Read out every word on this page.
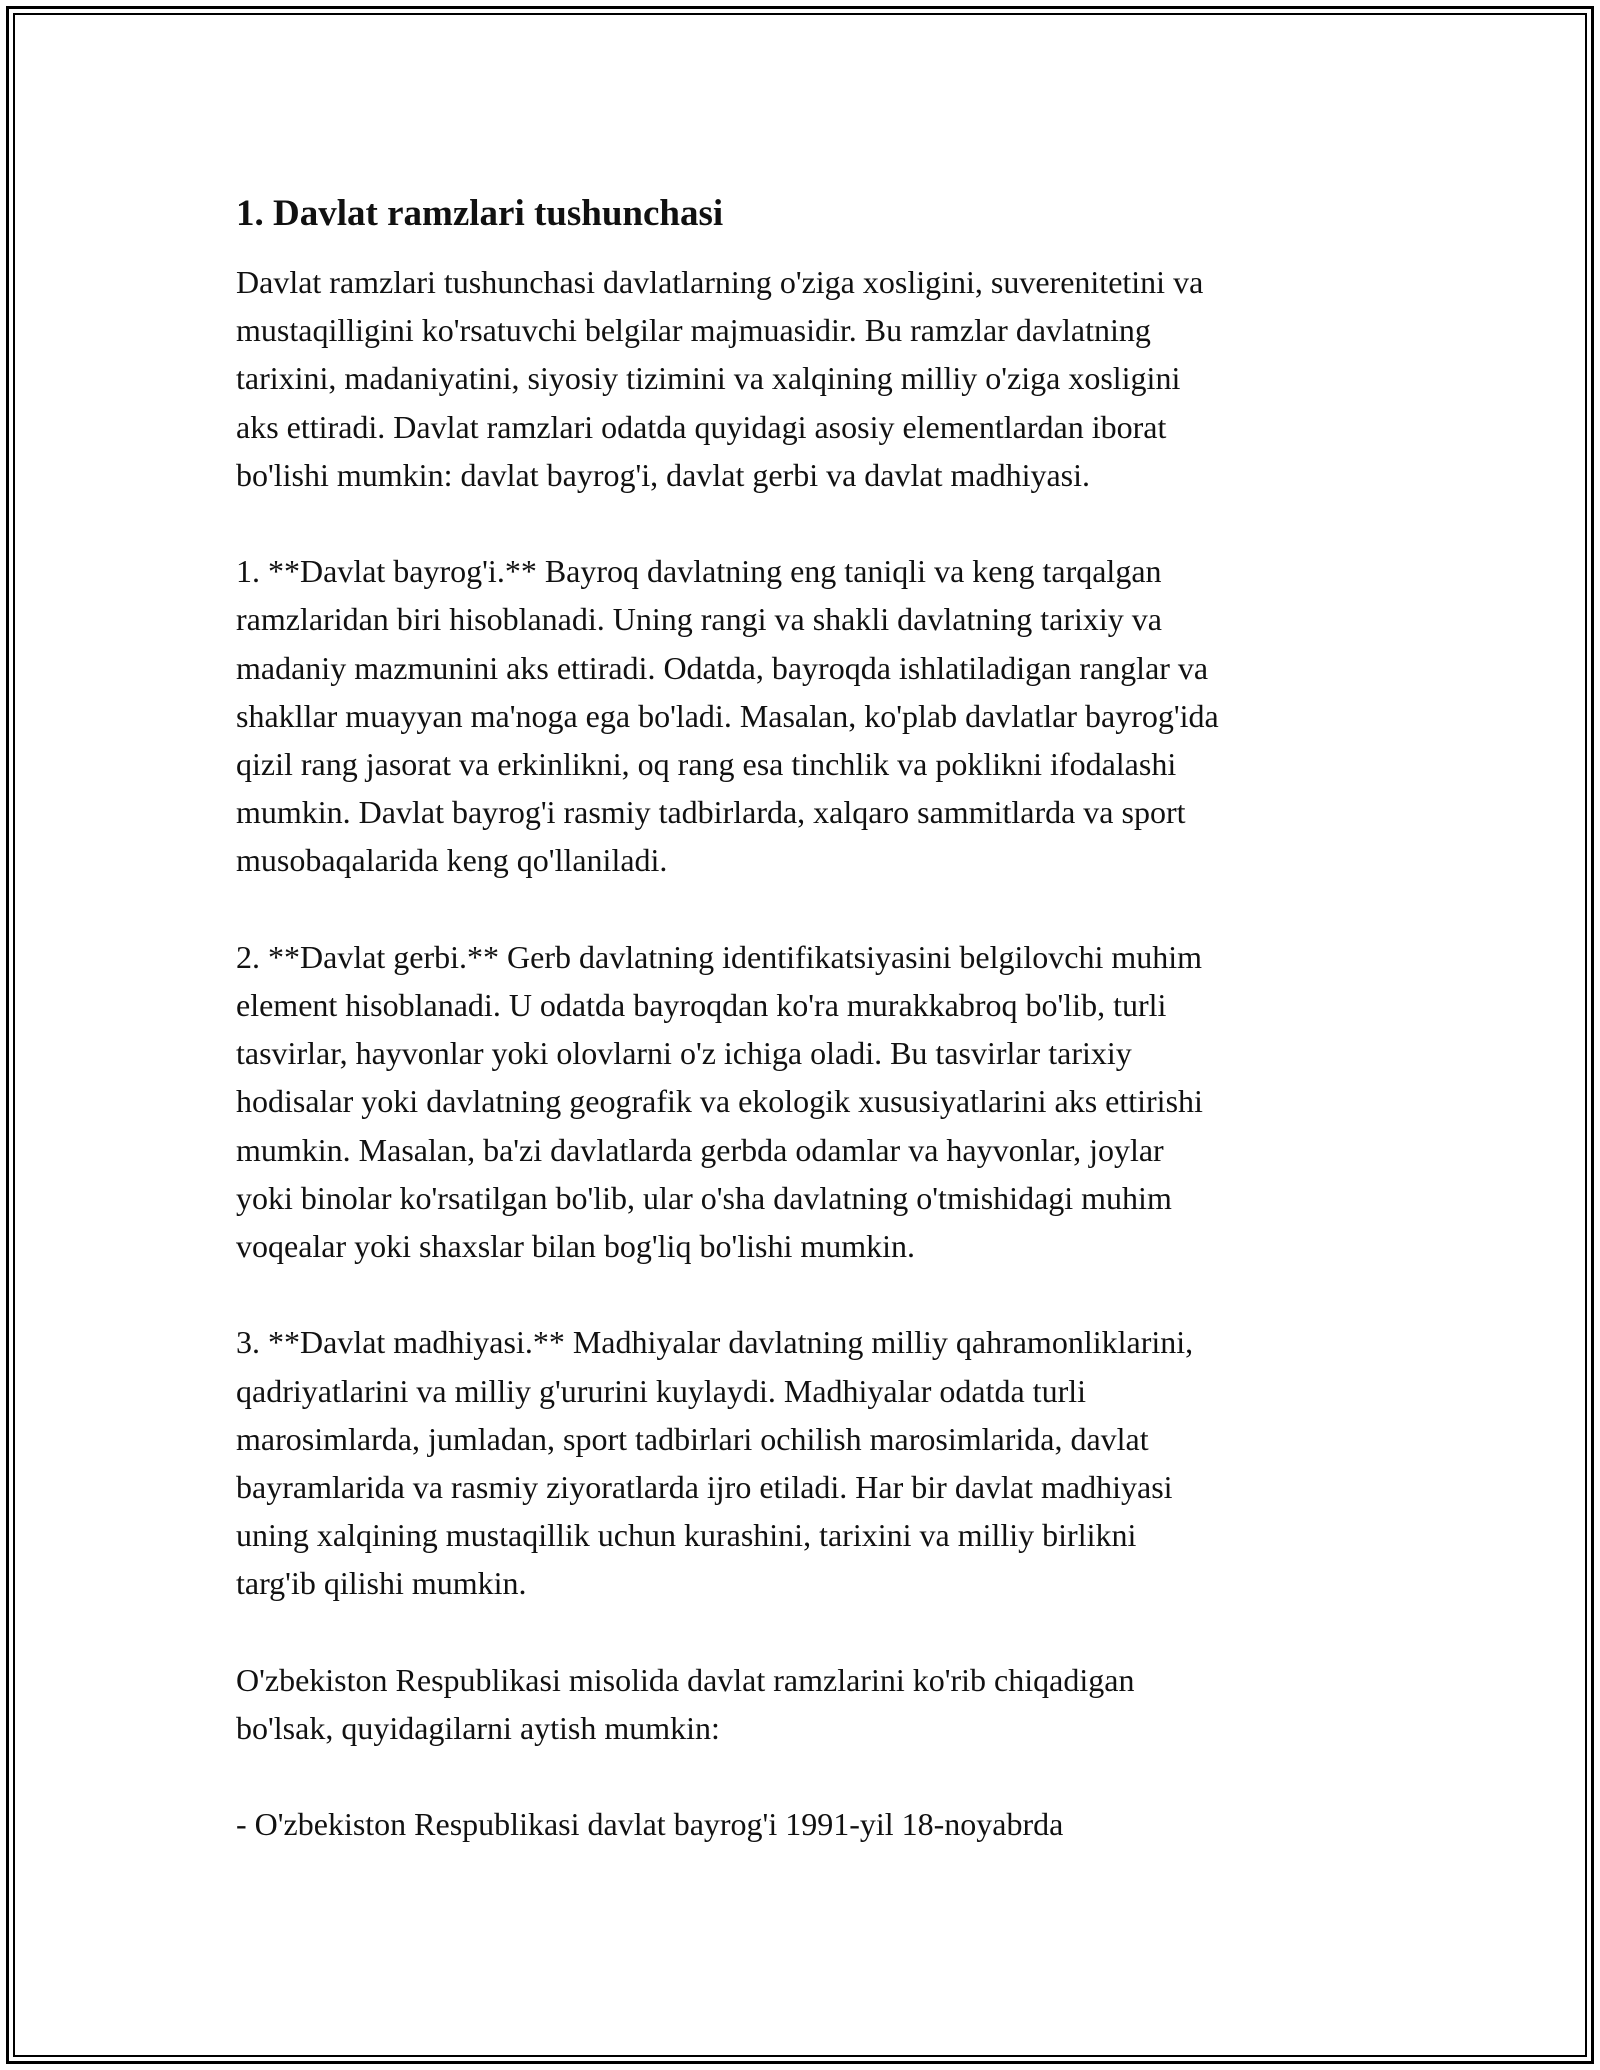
1. Davlat ramzlari tushunchasi

Davlat ramzlari tushunchasi davlatlarning o'ziga xosligini, suverenitetini va
mustaqilligini ko'rsatuvchi belgilar majmuasidir. Bu ramzlar davlatning
tarixini, madaniyatini, siyosiy tizimini va xalqining milliy o'ziga xosligini
aks ettiradi. Davlat ramzlari odatda quyidagi asosiy elementlardan iborat
bo'lishi mumkin: davlat bayrog'i, davlat gerbi va davlat madhiyasi.

1. **Davlat bayrog'i.** Bayroq davlatning eng taniqli va keng tarqalgan
ramzlaridan biri hisoblanadi. Uning rangi va shakli davlatning tarixiy va
madaniy mazmunini aks ettiradi. Odatda, bayroqda ishlatiladigan ranglar va
shakllar muayyan ma'noga ega bo'ladi. Masalan, ko'plab davlatlar bayrog'ida
qizil rang jasorat va erkinlikni, oq rang esa tinchlik va poklikni ifodalashi
mumkin. Davlat bayrog'i rasmiy tadbirlarda, xalqaro sammitlarda va sport
musobaqalarida keng qo'llaniladi.

2. **Davlat gerbi.** Gerb davlatning identifikatsiyasini belgilovchi muhim
element hisoblanadi. U odatda bayroqdan ko'ra murakkabroq bo'lib, turli
tasvirlar, hayvonlar yoki olovlarni o'z ichiga oladi. Bu tasvirlar tarixiy
hodisalar yoki davlatning geografik va ekologik xususiyatlarini aks ettirishi
mumkin. Masalan, ba'zi davlatlarda gerbda odamlar va hayvonlar, joylar
yoki binolar ko'rsatilgan bo'lib, ular o'sha davlatning o'tmishidagi muhim
voqealar yoki shaxslar bilan bog'liq bo'lishi mumkin.

3. **Davlat madhiyasi.** Madhiyalar davlatning milliy qahramonliklarini,
qadriyatlarini va milliy g'ururini kuylaydi. Madhiyalar odatda turli
marosimlarda, jumladan, sport tadbirlari ochilish marosimlarida, davlat
bayramlarida va rasmiy ziyoratlarda ijro etiladi. Har bir davlat madhiyasi
uning xalqining mustaqillik uchun kurashini, tarixini va milliy birlikni
targ'ib qilishi mumkin.

O'zbekiston Respublikasi misolida davlat ramzlarini ko'rib chiqadigan
bo'lsak, quyidagilarni aytish mumkin:

- O'zbekiston Respublikasi davlat bayrog'i 1991-yil 18-noyabrda
